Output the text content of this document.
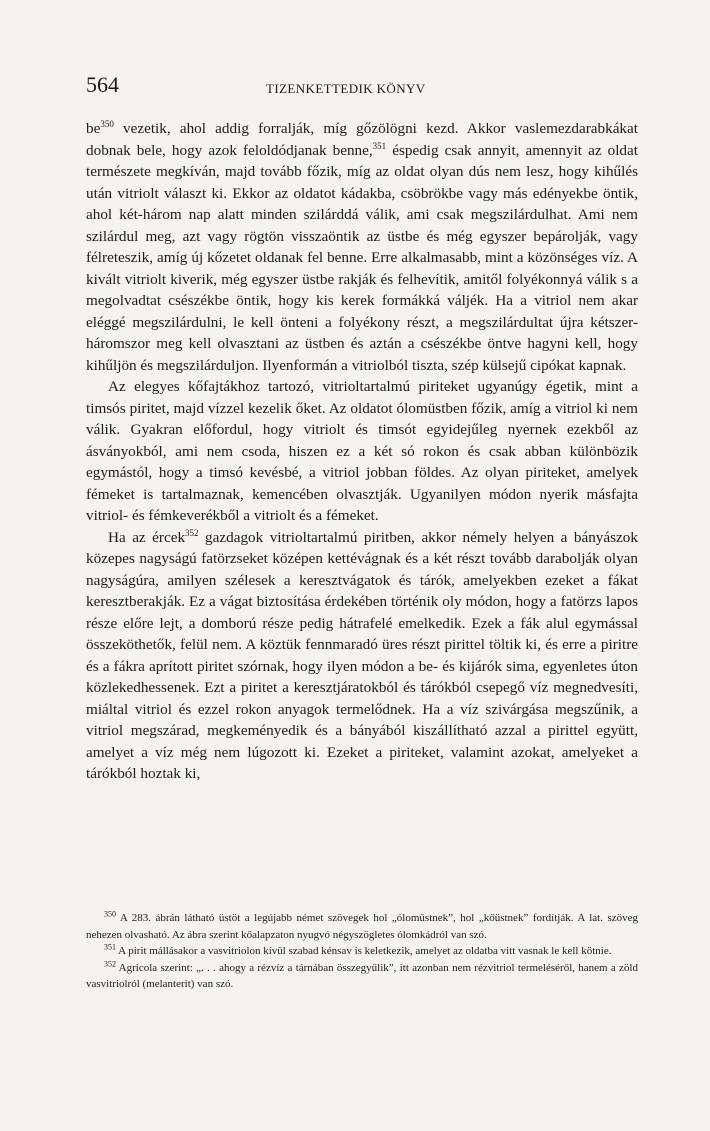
564	TIZENKETTEDIK KÖNYV

$be^{350}$ vezetik, ahol addig forralják, míg gőzölögni kezd. Akkor vaslemezdarabkákat dobnak bele, hogy azok feloldódjanak benne,$^{351}$ éspedig csak annyit, amennyit az oldat természete megkíván, majd tovább főzik, míg az oldat olyan dús nem lesz, hogy kihűlés után vitriolt választ ki. Ekkor az oldatot kádakba, csöbrökbe vagy más edényekbe öntik, ahol két-három nap alatt minden szilárddá válik, ami csak megszilárdulhat. Ami nem szilárdul meg, azt vagy rögtön visszaöntik az üstbe és még egyszer bepárolják, vagy félreteszik, amíg új kőzetet oldanak fel benne. Erre alkalmasabb, mint a közönséges víz. A kivált vitriolt kiverik, még egyszer üstbe rakják és felhevítik, amitől folyékonnyá válik s a megolvadtat csészékbe öntik, hogy kis kerek formákká váljék. Ha a vitriol nem akar eléggé megszilárdulni, le kell önteni a folyékony részt, a megszilárdultat újra kétszer-háromszor meg kell olvasztani az üstben és aztán a csészékbe öntve hagyni kell, hogy kihűljön és megszilárduljon. Ilyenformán a vitriolból tiszta, szép külsejű cipókat kapnak.

Az elegyes kőfajtákhoz tartozó, vitrioltartalmú piriteket ugyanúgy égetik, mint a timsós piritet, majd vízzel kezelik őket. Az oldatot ólomüstben főzik, amíg a vitriol ki nem válik. Gyakran előfordul, hogy vitriolt és timsót egyidejűleg nyernek ezekből az ásványokból, ami nem csoda, hiszen ez a két só rokon és csak abban különbözik egymástól, hogy a timsó kevésbé, a vitriol jobban földes. Az olyan piriteket, amelyek fémeket is tartalmaznak, kemencében olvasztják. Ugyanilyen módon nyerik másfajta vitriol- és fémkeverékből a vitriolt és a fémeket.

Ha az ércek$^{352}$ gazdagok vitrioltartalmú piritben, akkor némely helyen a bányászok közepes nagyságú fatörzseket középen kettévágnak és a két részt tovább darabolják olyan nagyságúra, amilyen szélesek a keresztvágatok és tárók, amelyekben ezeket a fákat keresztberakják. Ez a vágat biztosítása érdekében történik oly módon, hogy a fatörzs lapos része előre lejt, a domború része pedig hátrafelé emelkedik. Ezek a fák alul egymással összeköthetők, felül nem. A köztük fennmaradó üres részt pirittel töltik ki, és erre a piritre és a fákra aprított piritet szórnak, hogy ilyen módon a be- és kijárók sima, egyenletes úton közlekedhessenek. Ezt a piritet a keresztjáratokból és tárókból csepegő víz megnedvesíti, miáltal vitriol és ezzel rokon anyagok termelődnek. Ha a víz szivárgása megszűnik, a vitriol megszárad, megkeményedik és a bányából kiszállítható azzal a pirittel együtt, amelyet a víz még nem lúgozott ki. Ezeket a piriteket, valamint azokat, amelyeket a tárókból hoztak ki,

$^{350}$ A 283. ábrán látható üstöt a legújabb német szövegek hol „ólomüstnek”, hol „kőüstnek” fordítják. A lat. szöveg nehezen olvasható. Az ábra szerint kőalapzaton nyugvó négyszögletes ólomkádról van szó.

$^{351}$ A pirit mállásakor a vasvitriolon kívül szabad kénsav is keletkezik, amelyet az oldatba vitt vasnak le kell kötnie.

$^{352}$ Agricola szerint: „. . . ahogy a rézvíz a tárnában összegyűlik”, itt azonban nem rézvitriol termeléséről, hanem a zöld vasvitriolról (melanterit) van szó.
